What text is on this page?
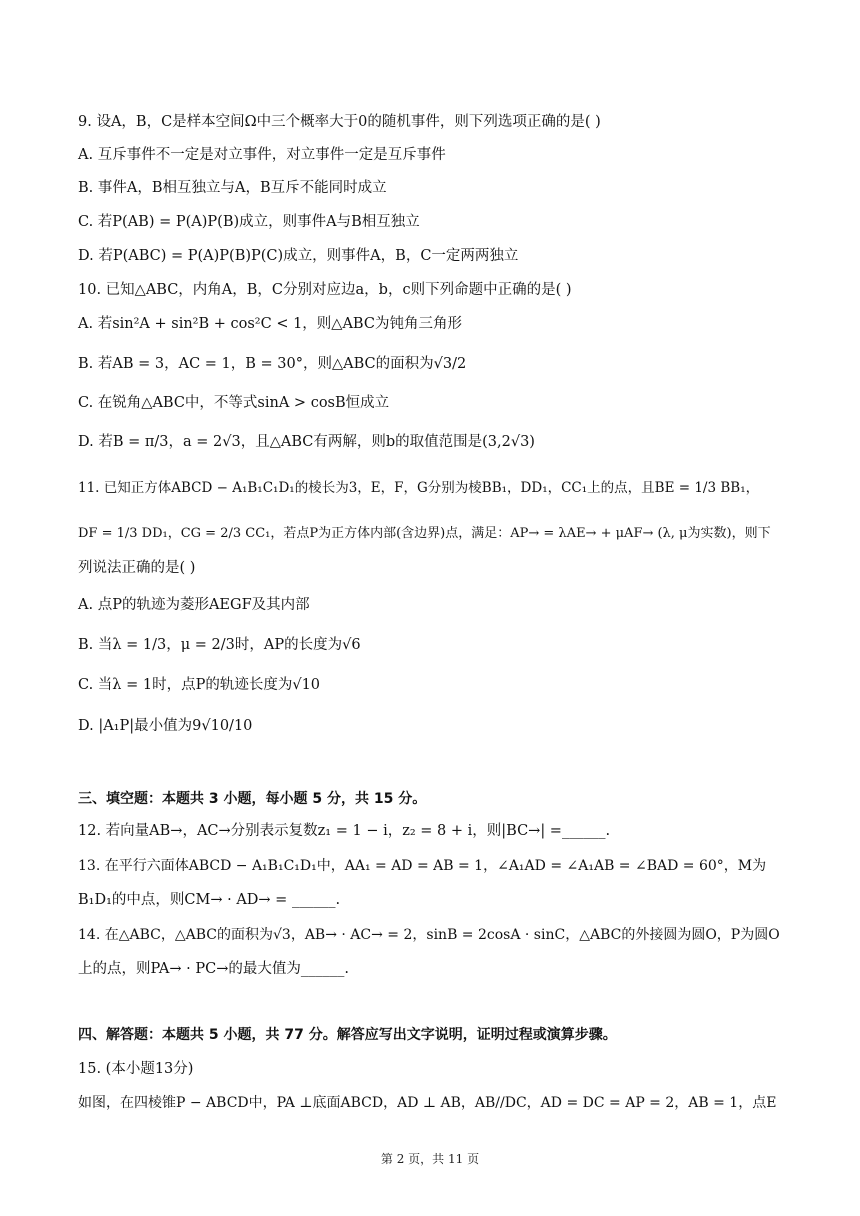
9. 设A，B，C是样本空间Ω中三个概率大于0的随机事件，则下列选项正确的是( )
A. 互斥事件不一定是对立事件，对立事件一定是互斥事件
B. 事件A，B相互独立与A，B互斥不能同时成立
C. 若P(AB) = P(A)P(B)成立，则事件A与B相互独立
D. 若P(ABC) = P(A)P(B)P(C)成立，则事件A，B，C一定两两独立
10. 已知△ABC，内角A，B，C分别对应边a，b，c则下列命题中正确的是( )
A. 若sin²A + sin²B + cos²C < 1，则△ABC为钝角三角形
B. 若AB = 3，AC = 1，B = 30°，则△ABC的面积为√3/2
C. 在锐角△ABC中，不等式sinA > cosB恒成立
D. 若B = π/3，a = 2√3，且△ABC有两解，则b的取值范围是(3,2√3)
11. 已知正方体ABCD − A₁B₁C₁D₁的棱长为3，E，F，G分别为棱BB₁，DD₁，CC₁上的点，且BE = 1/3 BB₁，
DF = 1/3 DD₁，CG = 2/3 CC₁，若点P为正方体内部(含边界)点，满足：AP→ = λAE→ + μAF→ (λ, μ为实数)，则下
列说法正确的是( )
A. 点P的轨迹为菱形AEGF及其内部
B. 当λ = 1/3，μ = 2/3时，AP的长度为√6
C. 当λ = 1时，点P的轨迹长度为√10
D. |A₁P|最小值为9√10/10
三、填空题：本题共 3 小题，每小题 5 分，共 15 分。
12. 若向量AB→，AC→分别表示复数z₁ = 1 − i，z₂ = 8 + i，则|BC→| =______.
13. 在平行六面体ABCD − A₁B₁C₁D₁中，AA₁ = AD = AB = 1，∠A₁AD = ∠A₁AB = ∠BAD = 60°，M为
B₁D₁的中点，则CM→ · AD→ = ______.
14. 在△ABC，△ABC的面积为√3，AB→ · AC→ = 2，sinB = 2cosA · sinC，△ABC的外接圆为圆O，P为圆O
上的点，则PA→ · PC→的最大值为______.
四、解答题：本题共 5 小题，共 77 分。解答应写出文字说明，证明过程或演算步骤。
15. (本小题13分)
如图，在四棱锥P − ABCD中，PA ⊥底面ABCD，AD ⊥ AB，AB//DC，AD = DC = AP = 2，AB = 1，点E
第 2 页，共 11 页
